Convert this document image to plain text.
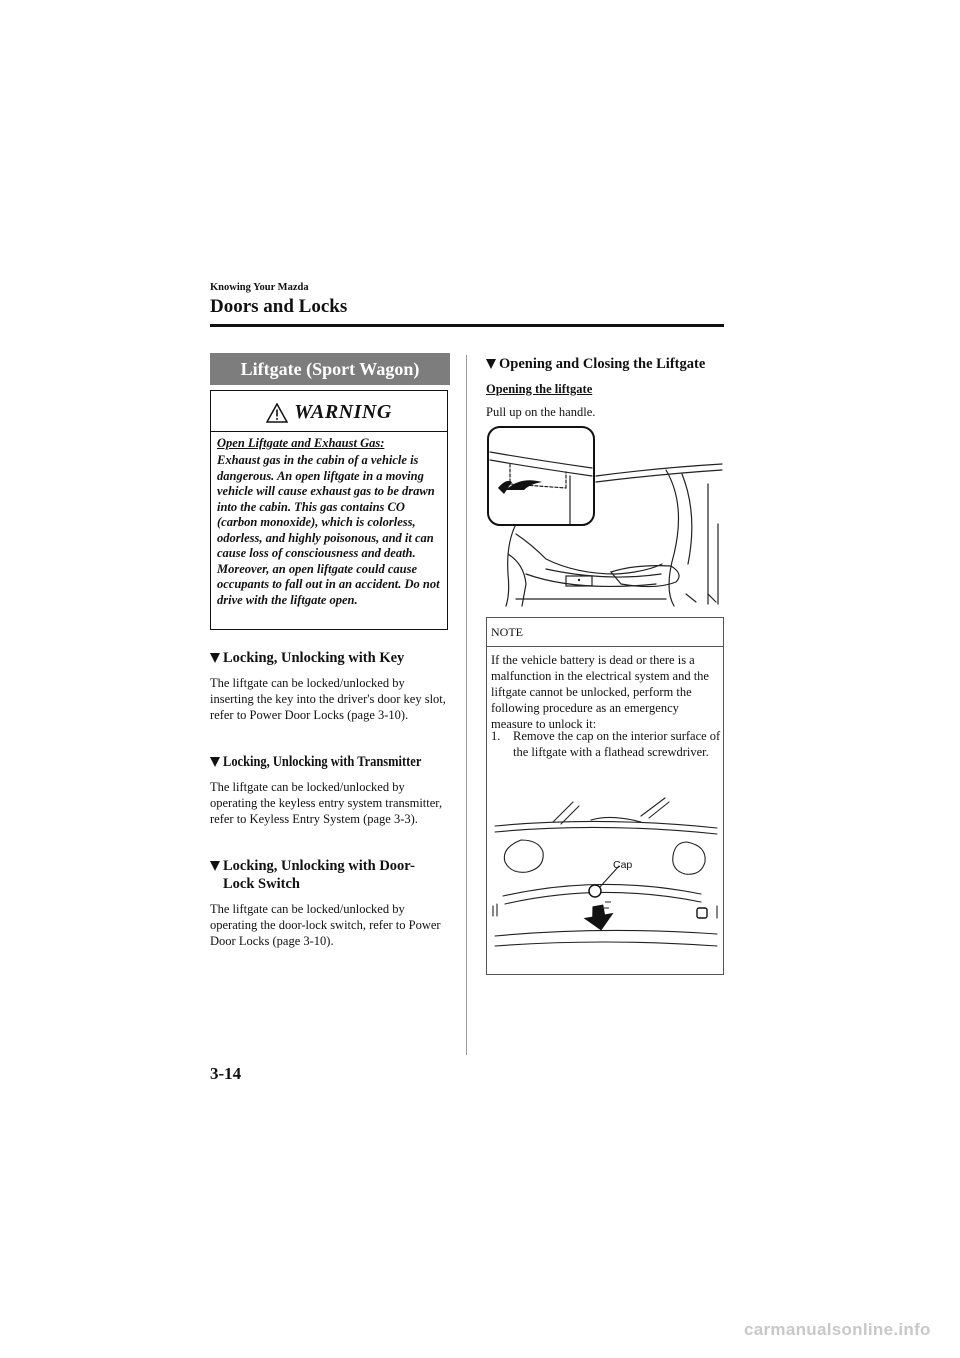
Knowing Your Mazda
Doors and Locks
Liftgate (Sport Wagon)
WARNING
Open Liftgate and Exhaust Gas:
Exhaust gas in the cabin of a vehicle is dangerous. An open liftgate in a moving vehicle will cause exhaust gas to be drawn into the cabin. This gas contains CO (carbon monoxide), which is colorless, odorless, and highly poisonous, and it can cause loss of consciousness and death. Moreover, an open liftgate could cause occupants to fall out in an accident. Do not drive with the liftgate open.
Locking, Unlocking with Key
The liftgate can be locked/unlocked by inserting the key into the driver's door key slot, refer to Power Door Locks (page 3-10).
Locking, Unlocking with Transmitter
The liftgate can be locked/unlocked by operating the keyless entry system transmitter, refer to Keyless Entry System (page 3-3).
Locking, Unlocking with Door-
Lock Switch
The liftgate can be locked/unlocked by operating the door-lock switch, refer to Power Door Locks (page 3-10).
Opening and Closing the Liftgate
Opening the liftgate
Pull up on the handle.
NOTE
If the vehicle battery is dead or there is a malfunction in the electrical system and the liftgate cannot be unlocked, perform the following procedure as an emergency measure to unlock it:
1.	Remove the cap on the interior surface of the liftgate with a flathead screwdriver.
Cap
3-14
carmanualsonline.info
